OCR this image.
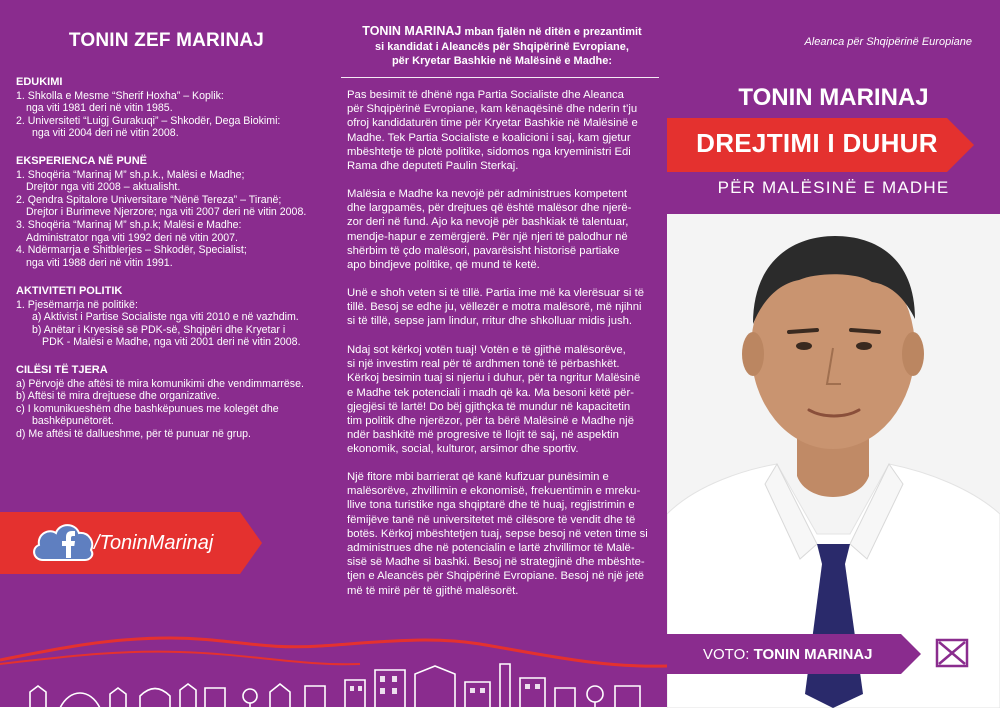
TONIN ZEF MARINAJ
EDUKIMI
1. Shkolla e Mesme “Sherif Hoxha” – Koplik:
nga viti 1981 deri në vitin 1985.
2. Universiteti “Luigj Gurakuqi” – Shkodër, Dega Biokimi:
nga viti 2004 deri në vitin 2008.
EKSPERIENCA NË PUNË
1. Shoqëria “Marinaj M” sh.p.k., Malësi e Madhe;
Drejtor nga viti 2008 – aktualisht.
2. Qendra Spitalore Universitare “Nënë Tereza” – Tiranë;
Drejtor i Burimeve Njerzore; nga viti 2007 deri në vitin 2008.
3. Shoqëria “Marinaj M” sh.p.k; Malësi e Madhe:
Administrator nga viti 1992 deri në vitin 2007.
4. Ndërmarrja e Shitblerjes – Shkodër, Specialist;
nga viti 1988 deri në vitin 1991.
AKTIVITETI POLITIK
1. Pjesëmarrja në politikë:
a) Aktivist i Partise Socialiste nga viti 2010 e në vazhdim.
b) Anëtar i Kryesisë së PDK-së, Shqipëri dhe Kryetar i
PDK - Malësi e Madhe, nga viti 2001 deri në vitin 2008.
CILËSI TË TJERA
a) Përvojë dhe aftësi të mira komunikimi dhe vendimmarrëse.
b) Aftësi të mira drejtuese dhe organizative.
c) I komunikueshëm dhe bashkëpunues me kolegët dhe
bashkëpunëtorët.
d) Me aftësi të dallueshme, për të punuar në grup.
/ToninMarinaj
TONIN MARINAJ mban fjalën në ditën e prezantimit
si kandidat i Aleancës për Shqipërinë Evropiane,
për Kryetar Bashkie në Malësinë e Madhe:
Pas besimit të dhënë nga Partia Socialiste dhe Aleanca
për Shqipërinë Evropiane, kam kënaqësinë dhe nderin t’ju
ofroj kandidaturën time për Kryetar Bashkie në Malësinë e
Madhe. Tek Partia Socialiste e koalicioni i saj, kam gjetur
mbështetje të plotë politike, sidomos nga kryeministri Edi
Rama dhe deputeti Paulin Sterkaj.
Malësia e Madhe ka nevojë për administrues kompetent
dhe largpamës, për drejtues që është malësor dhe njerë-
zor deri në fund. Ajo ka nevojë për bashkiak të talentuar,
mendje-hapur e zemërgjerë. Për një njeri të palodhur në
shërbim të çdo malësori, pavarësisht historisë partiake
apo bindjeve politike, që mund të ketë.
Unë e shoh veten si të tillë. Partia ime më ka vlerësuar si të
tillë. Besoj se edhe ju, vëllezër e motra malësorë, më njihni
si të tillë, sepse jam lindur, rritur dhe shkolluar midis jush.
Ndaj sot kërkoj votën tuaj! Votën e të gjithë malësorëve,
si një investim real për të ardhmen tonë të përbashkët.
Kërkoj besimin tuaj si njeriu i duhur, për ta ngritur Malësinë
e Madhe tek potenciali i madh që ka. Ma besoni këtë për-
gjegjësi të lartë! Do bëj gjithçka të mundur në kapacitetin
tim politik dhe njerëzor, për ta bërë Malësinë e Madhe një
ndër bashkitë më progresive të llojit të saj, në aspektin
ekonomik, social, kulturor, arsimor dhe sportiv.
Një fitore mbi barrierat që kanë kufizuar punësimin e
malësorëve, zhvillimin e ekonomisë, frekuentimin e mreku-
llive tona turistike nga shqiptarë dhe të huaj, regjistrimin e
fëmijëve tanë në universitetet më cilësore të vendit dhe të
botës. Kërkoj mbështetjen tuaj, sepse besoj në veten time si
administrues dhe në potencialin e lartë zhvillimor të Malë-
sisë së Madhe si bashki. Besoj në strategjinë dhe mbështe-
tjen e Aleancës për Shqipërinë Evropiane. Besoj në një jetë
më të mirë për të gjithë malësorët.
Aleanca për Shqipërinë Europiane
TONIN MARINAJ
DREJTIMI I DUHUR
PËR MALËSINË E MADHE
VOTO: TONIN MARINAJ
